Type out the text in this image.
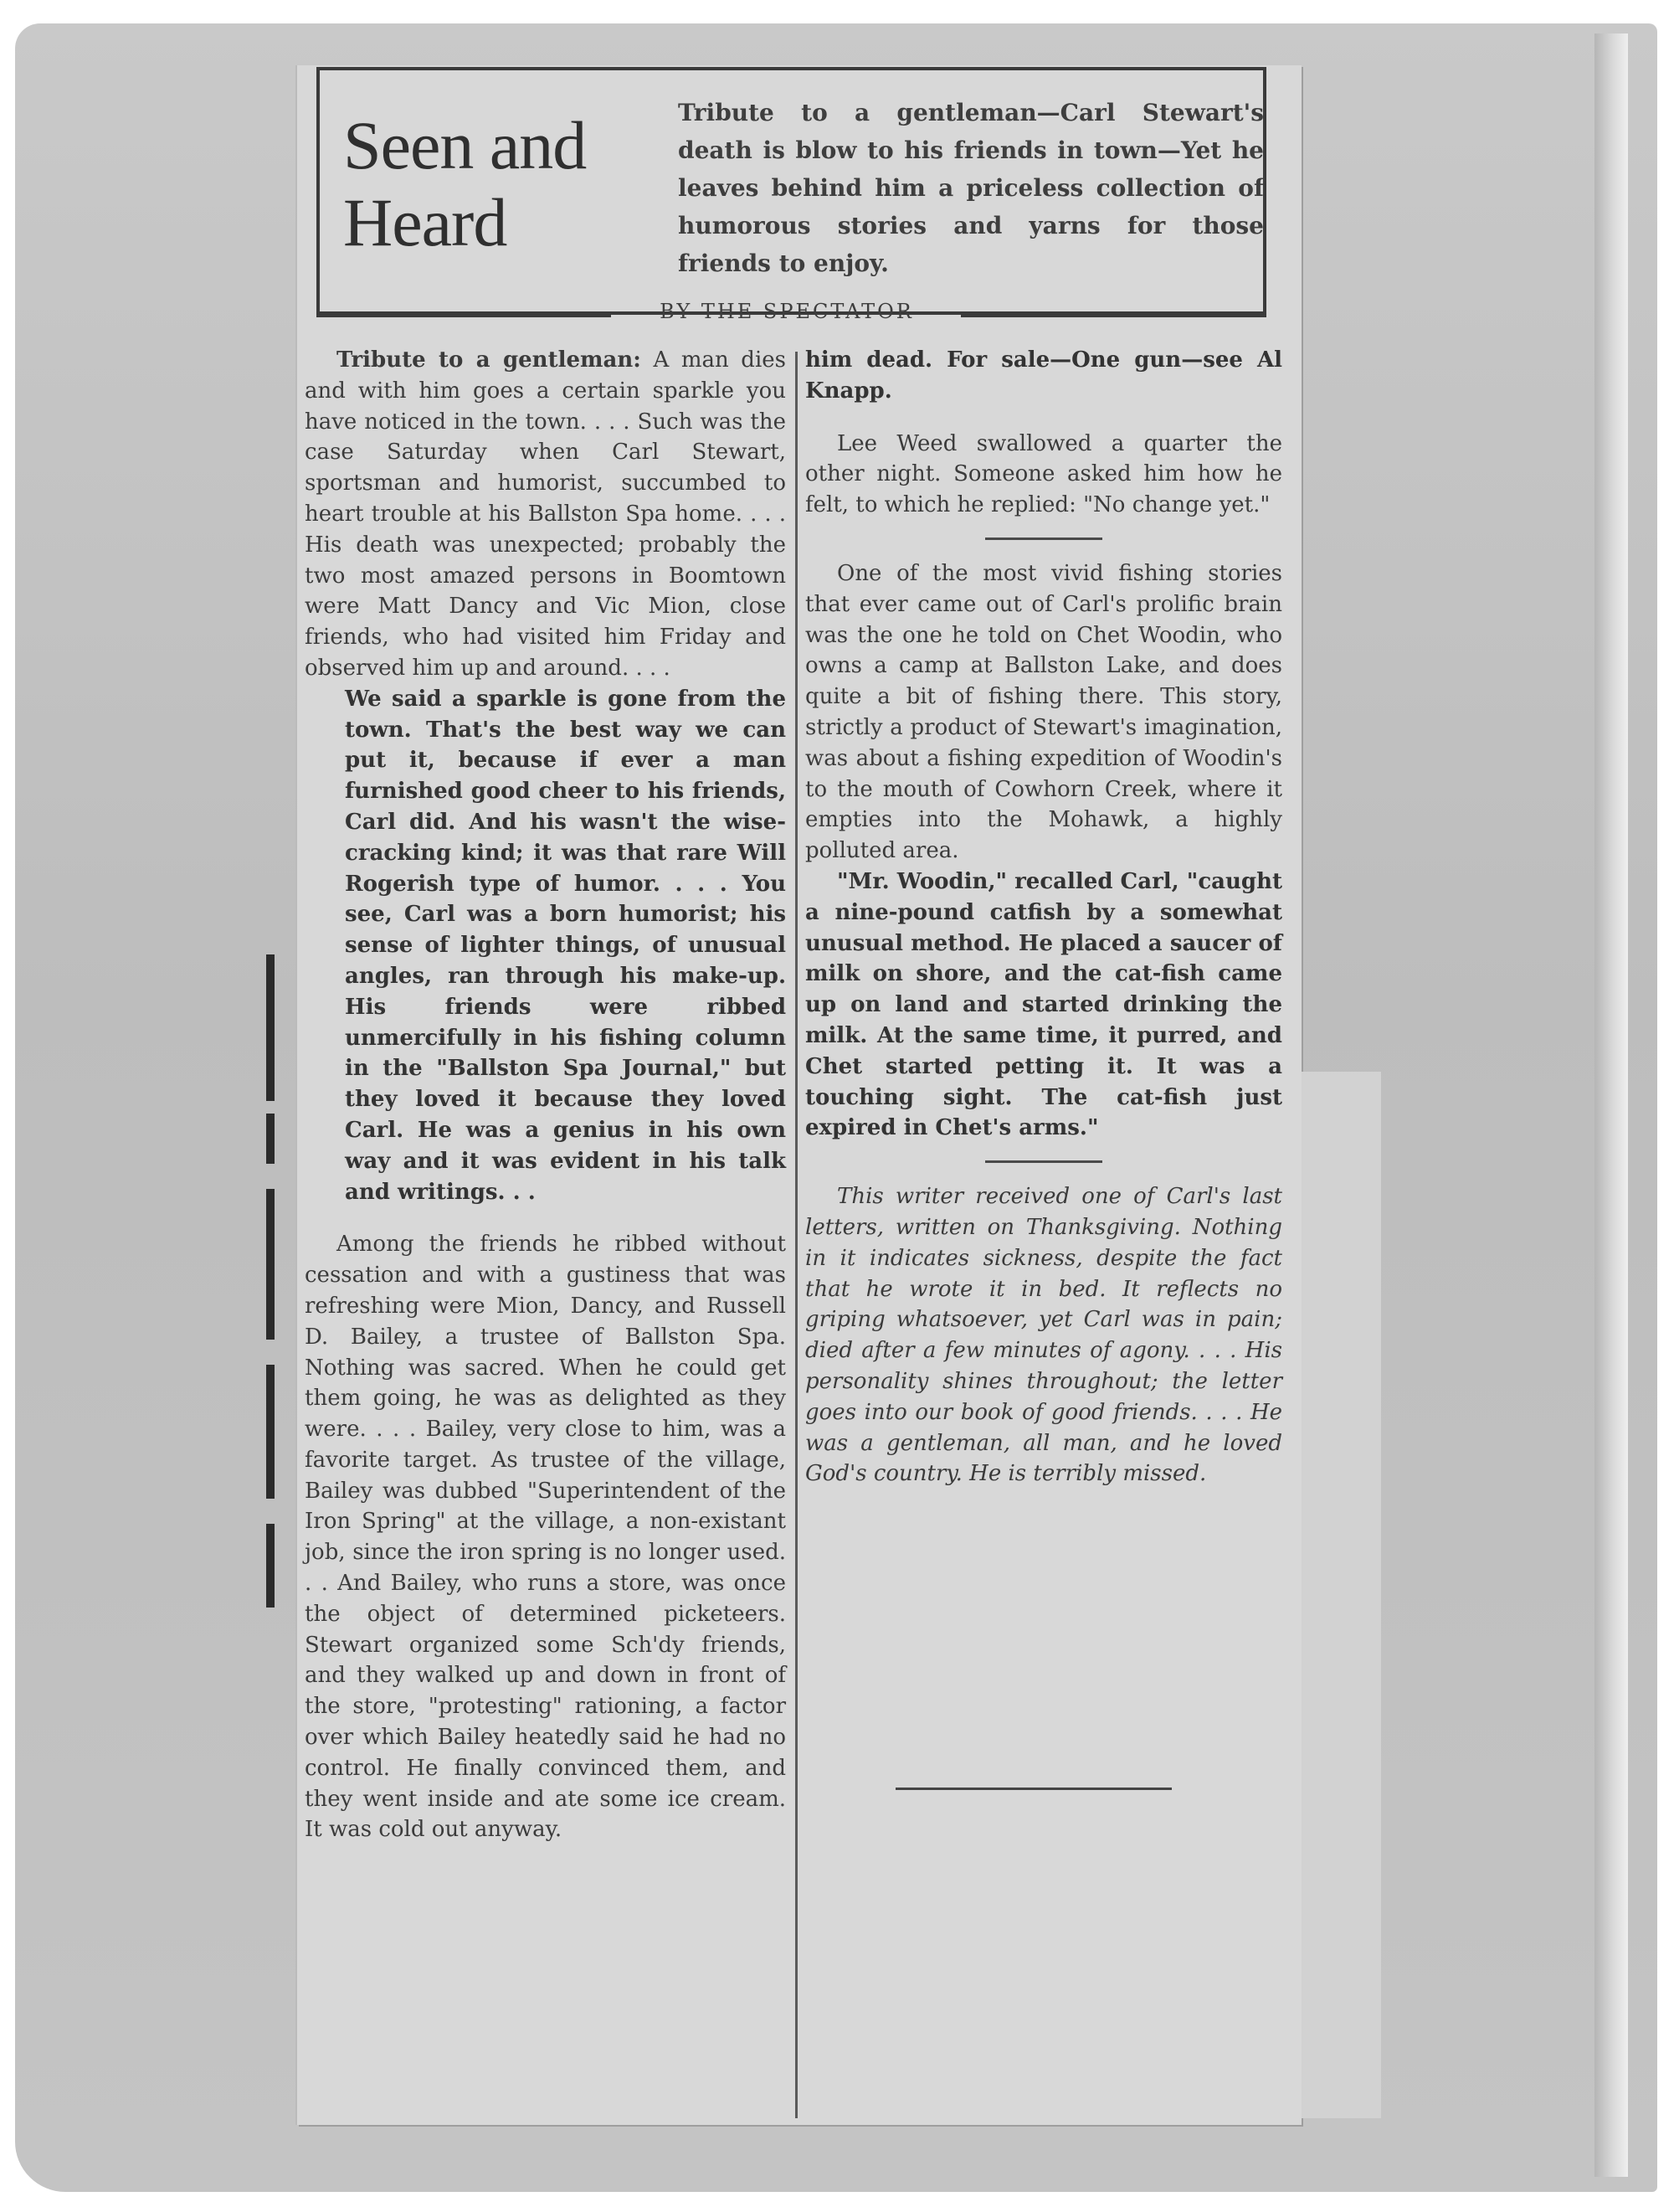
Seen and
Heard
Tribute to a gentleman—Carl Stewart's death is blow to his friends in town—Yet he leaves behind him a priceless collection of humorous stories and yarns for those friends to enjoy.
BY THE SPECTATOR

Tribute to a gentleman: A man dies and with him goes a certain sparkle you have noticed in the town. . . . Such was the case Saturday when Carl Stewart, sportsman and humorist, succumbed to heart trouble at his Ballston Spa home. . . . His death was unexpected; probably the two most amazed persons in Boomtown were Matt Dancy and Vic Mion, close friends, who had visited him Friday and observed him up and around. . . .

We said a sparkle is gone from the town. That's the best way we can put it, because if ever a man furnished good cheer to his friends, Carl did. And his wasn't the wise-cracking kind; it was that rare Will Rogerish type of humor. . . . You see, Carl was a born humorist; his sense of lighter things, of unusual angles, ran through his make-up. His friends were ribbed unmercifully in his fishing column in the "Ballston Spa Journal," but they loved it because they loved Carl. He was a genius in his own way and it was evident in his talk and writings. . .

Among the friends he ribbed without cessation and with a gustiness that was refreshing were Mion, Dancy, and Russell D. Bailey, a trustee of Ballston Spa. Nothing was sacred. When he could get them going, he was as delighted as they were. . . . Bailey, very close to him, was a favorite target. As trustee of the village, Bailey was dubbed "Superintendent of the Iron Spring" at the village, a non-existant job, since the iron spring is no longer used. . . And Bailey, who runs a store, was once the object of determined picketeers. Stewart organized some Sch'dy friends, and they walked up and down in front of the store, "protesting" rationing, a factor over which Bailey heatedly said he had no control. He finally convinced them, and they went inside and ate some ice cream. It was cold out anyway.

him dead. For sale—One gun—see Al Knapp.

Lee Weed swallowed a quarter the other night. Someone asked him how he felt, to which he replied: "No change yet."

One of the most vivid fishing stories that ever came out of Carl's prolific brain was the one he told on Chet Woodin, who owns a camp at Ballston Lake, and does quite a bit of fishing there. This story, strictly a product of Stewart's imagination, was about a fishing expedition of Woodin's to the mouth of Cowhorn Creek, where it empties into the Mohawk, a highly polluted area.

"Mr. Woodin," recalled Carl, "caught a nine-pound catfish by a somewhat unusual method. He placed a saucer of milk on shore, and the cat-fish came up on land and started drinking the milk. At the same time, it purred, and Chet started petting it. It was a touching sight. The cat-fish just expired in Chet's arms."

This writer received one of Carl's last letters, written on Thanksgiving. Nothing in it indicates sickness, despite the fact that he wrote it in bed. It reflects no griping whatsoever, yet Carl was in pain; died after a few minutes of agony. . . . His personality shines throughout; the letter goes into our book of good friends. . . . He was a gentleman, all man, and he loved God's country. He is terribly missed.
